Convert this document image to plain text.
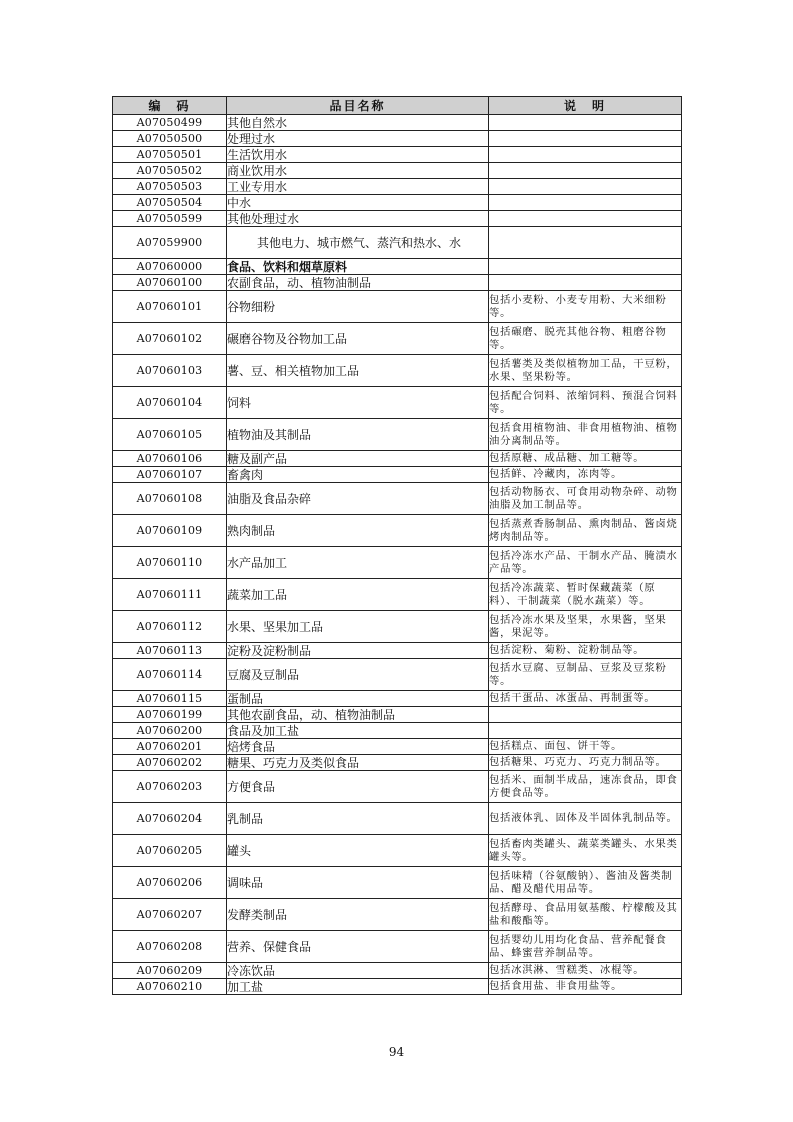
编　码	品目名称	说　明
A07050499	其他自然水	
A07050500	处理过水	
A07050501	生活饮用水	
A07050502	商业饮用水	
A07050503	工业专用水	
A07050504	中水	
A07050599	其他处理过水	
A07059900	其他电力、城市燃气、蒸汽和热水、水	
A07060000	食品、饮料和烟草原料	
A07060100	农副食品，动、植物油制品	
A07060101	谷物细粉	包括小麦粉、小麦专用粉、大米细粉等。
A07060102	碾磨谷物及谷物加工品	包括碾磨、脱壳其他谷物、粗磨谷物等。
A07060103	薯、豆、相关植物加工品	包括薯类及类似植物加工品，干豆粉，水果、坚果粉等。
A07060104	饲料	包括配合饲料、浓缩饲料、预混合饲料等。
A07060105	植物油及其制品	包括食用植物油、非食用植物油、植物油分离制品等。
A07060106	糖及副产品	包括原糖、成品糖、加工糖等。
A07060107	畜禽肉	包括鲜、冷藏肉，冻肉等。
A07060108	油脂及食品杂碎	包括动物肠衣、可食用动物杂碎、动物油脂及加工制品等。
A07060109	熟肉制品	包括蒸煮香肠制品、熏肉制品、酱卤烧烤肉制品等。
A07060110	水产品加工	包括冷冻水产品、干制水产品、腌渍水产品等。
A07060111	蔬菜加工品	包括冷冻蔬菜、暂时保藏蔬菜（原料）、干制蔬菜（脱水蔬菜）等。
A07060112	水果、坚果加工品	包括冷冻水果及坚果，水果酱，坚果酱，果泥等。
A07060113	淀粉及淀粉制品	包括淀粉、菊粉、淀粉制品等。
A07060114	豆腐及豆制品	包括水豆腐、豆制品、豆浆及豆浆粉等。
A07060115	蛋制品	包括干蛋品、冰蛋品、再制蛋等。
A07060199	其他农副食品，动、植物油制品	
A07060200	食品及加工盐	
A07060201	焙烤食品	包括糕点、面包、饼干等。
A07060202	糖果、巧克力及类似食品	包括糖果、巧克力、巧克力制品等。
A07060203	方便食品	包括米、面制半成品，速冻食品，即食方便食品等。
A07060204	乳制品	包括液体乳、固体及半固体乳制品等。
A07060205	罐头	包括畜肉类罐头、蔬菜类罐头、水果类罐头等。
A07060206	调味品	包括味精（谷氨酸钠）、酱油及酱类制品、醋及醋代用品等。
A07060207	发酵类制品	包括酵母、食品用氨基酸、柠檬酸及其盐和酸酯等。
A07060208	营养、保健食品	包括婴幼儿用均化食品、营养配餐食品、蜂蜜营养制品等。
A07060209	冷冻饮品	包括冰淇淋、雪糕类、冰棍等。
A07060210	加工盐	包括食用盐、非食用盐等。
94
